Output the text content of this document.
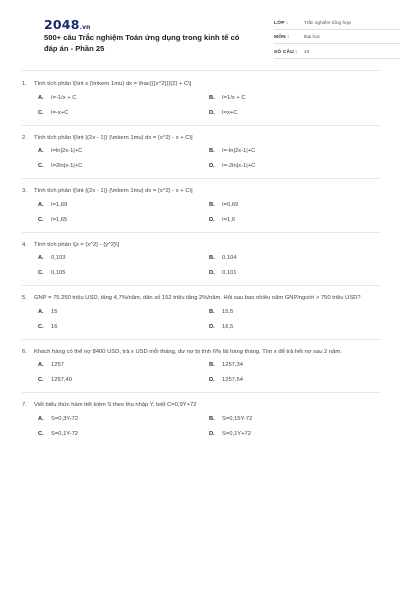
2048.vn
500+ câu Trắc nghiệm Toán ứng dụng trong kinh tế có đáp án - Phần 25
LỚP :	Trắc nghiệm tổng hợp
MÔN :	Đại học
SỐ CÂU :	43
1.	Tính tích phân \[\int x {\mkern 1mu} dx = \frac{{{x^2}}}{2} + C\]
A.	I=-1/x + C	B.	I=1/x + C
C.	I=-x+C	D.	I=x+C
2.	Tính tích phân \[\int {(2x - 1)} {\mkern 1mu} dx = {x^2} - x + C\]
A.	I=ln|2x-1|+C	B.	I=-ln|2x-1|+C
C.	I=2ln|x-1|+C	D.	I=-2ln|x-1|+C
3.	Tính tích phân \[\int {(2x - 1)} {\mkern 1mu} dx = {x^2} - x + C\]
A.	I=1,69	B.	I=0,69
C.	I=1,65	D.	I=1,6
4.	Tính tích phân \[z = {x^2} - {y^2}\]
A.	0,103	B.	0,104
C.	0,105	D.	0,101
5.	GNP = 75.250 triệu USD, tăng 4,7%/năm, dân số 152 triệu tăng 2%/năm. Hỏi sau bao nhiêu năm GNP/người > 750 triệu USD?
A.	15	B.	15,5
C.	16	D.	16,5
6.	Khách hàng có thể nợ 8400 USD, trả x USD mỗi tháng, dư nợ bị tính 6% lãi hàng tháng. Tìm x để trả hết nợ sau 2 năm.
A.	1257	B.	1257,34
C.	1257,40	D.	1257,54
7.	Viết biểu thức hàm tiết kiệm S theo thu nhập Y, biết C=0,9Y+72
A.	S=0,3Y-72	B.	S=0,15Y-72
C.	S=0,1Y-72	D.	S=0,1Y+72
